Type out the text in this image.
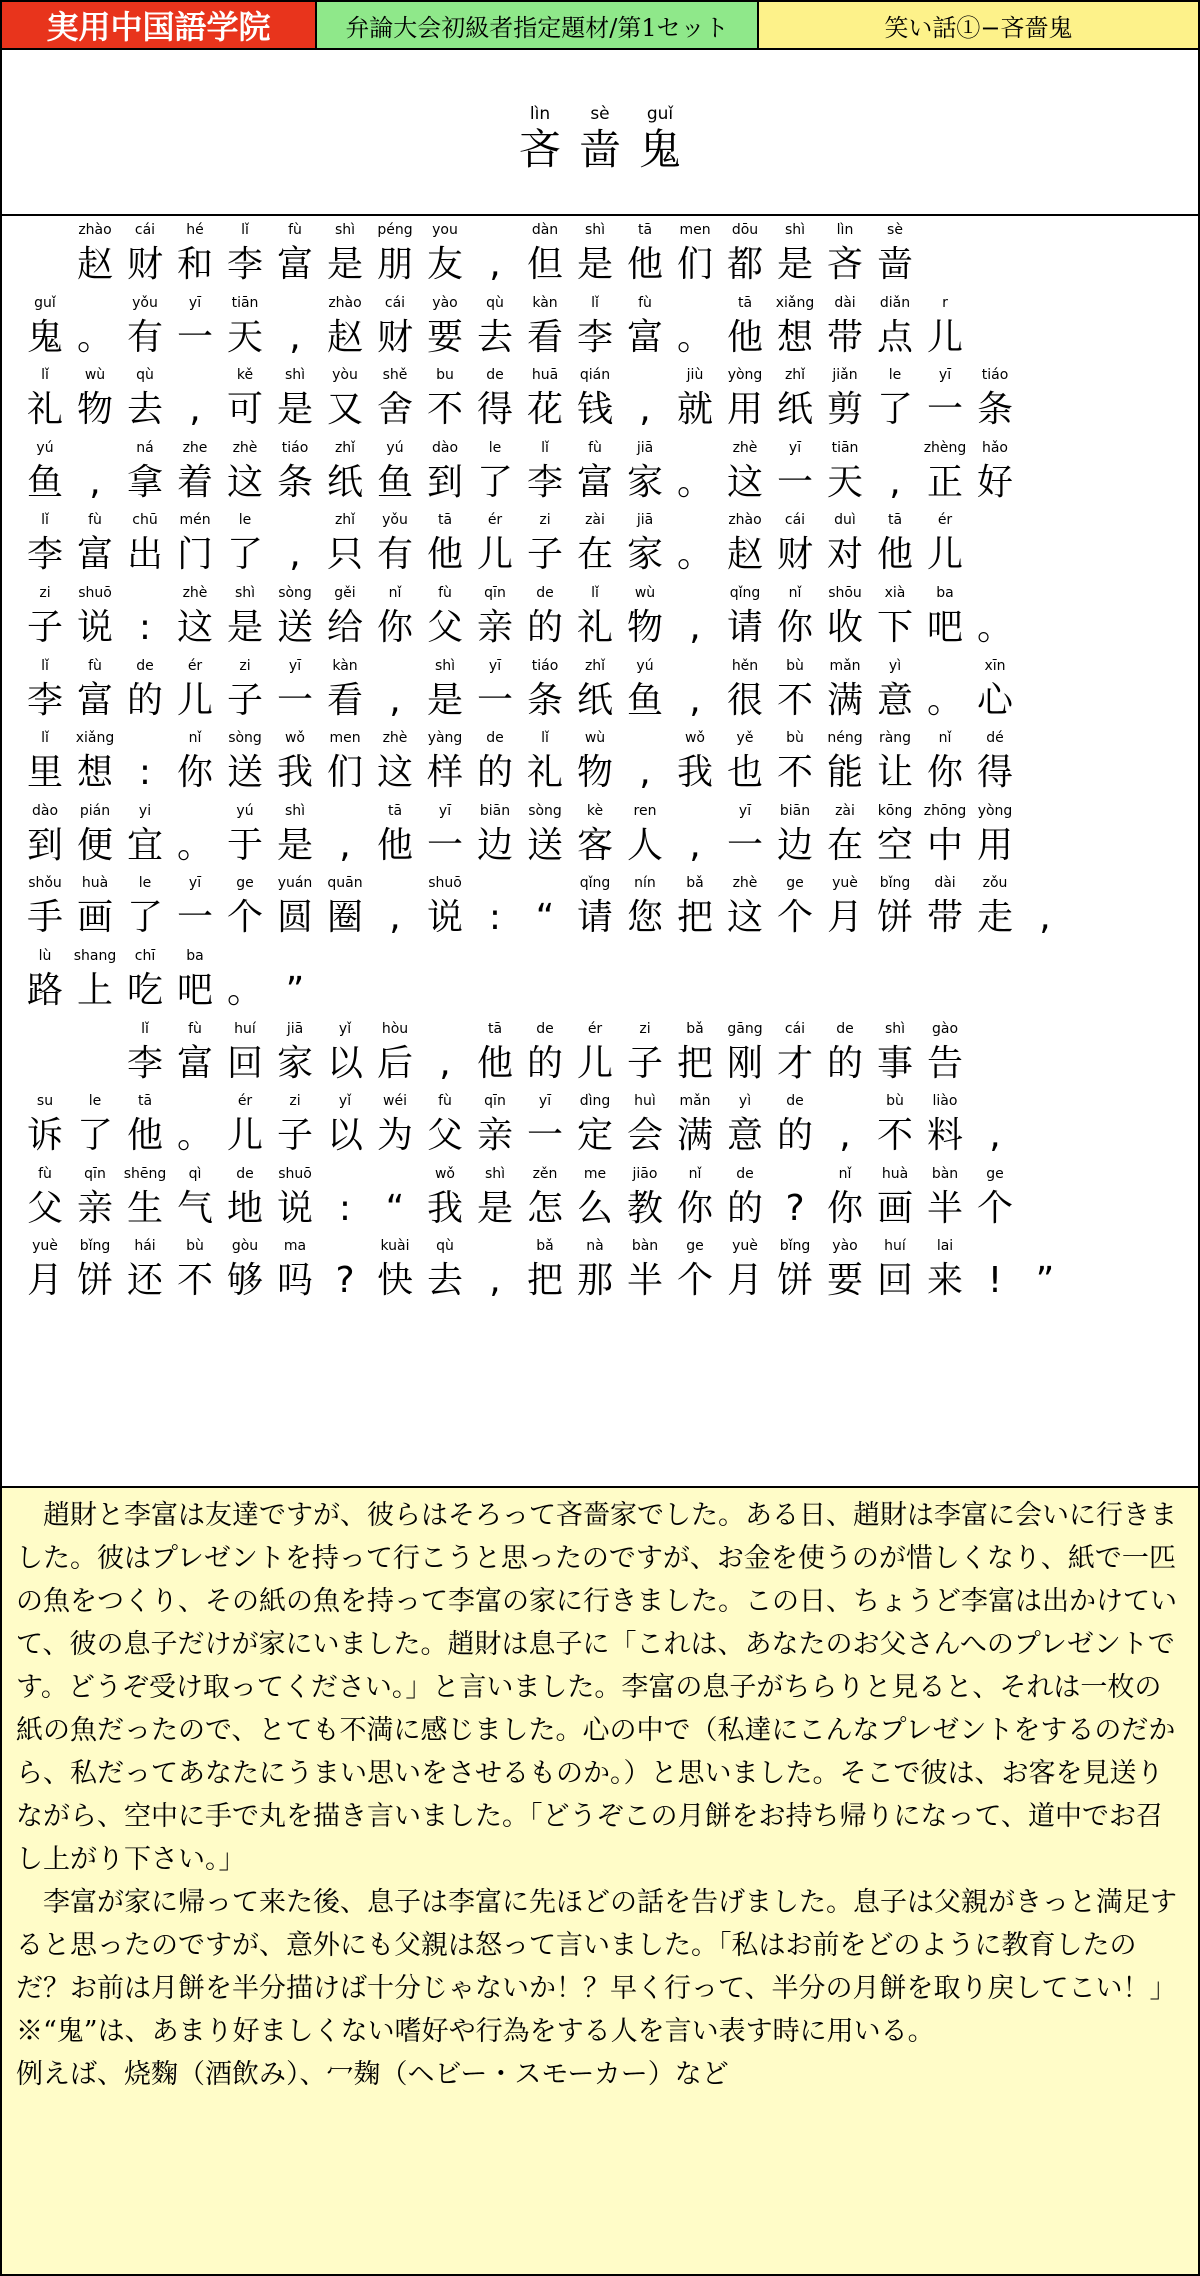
実用中国語学院	弁論大会初級者指定題材/第1セット	笑い話①−吝嗇鬼
lìn
吝
sè
啬
guǐ
鬼
zhào
赵
cái
财
hé
和
lǐ
李
fù
富
shì
是
péng
朋
you
友 ,
dàn
但
shì
是
tā
他
men
们
dōu
都
shì
是
lìn
吝
sè
啬
guǐ
鬼 。
yǒu
有
yī
一
tiān
天 ,
zhào
赵
cái
财
yào
要
qù
去
kàn
看
lǐ
李
fù
富 。
tā
他
xiǎng
想
dài
带
diǎn
点
r
儿
lǐ
礼
wù
物
qù
去 ,
kě
可
shì
是
yòu
又
shě
舍
bu
不
de
得
huā
花
qián
钱 ,
jiù
就
yòng
用
zhǐ
纸
jiǎn
剪
le
了
yī
一
tiáo
条
yú
鱼 ,
ná
拿
zhe
着
zhè
这
tiáo
条
zhǐ
纸
yú
鱼
dào
到
le
了
lǐ
李
fù
富
jiā
家 。
zhè
这
yī
一
tiān
天 ,
zhèng
正
hǎo
好
lǐ
李
fù
富
chū
出
mén
门
le
了 ,
zhǐ
只
yǒu
有
tā
他
ér
儿
zi
子
zài
在
jiā
家 。
zhào
赵
cái
财
duì
对
tā
他
ér
儿
zi
子
shuō
说 :
zhè
这
shì
是
sòng
送
gěi
给
nǐ
你
fù
父
qīn
亲
de
的
lǐ
礼
wù
物 ,
qǐng
请
nǐ
你
shōu
收
xià
下
ba
吧 。
lǐ
李
fù
富
de
的
ér
儿
zi
子
yī
一
kàn
看 ,
shì
是
yī
一
tiáo
条
zhǐ
纸
yú
鱼 ,
hěn
很
bù
不
mǎn
满
yì
意 。
xīn
心
lǐ
里
xiǎng
想 :
nǐ
你
sòng
送
wǒ
我
men
们
zhè
这
yàng
样
de
的
lǐ
礼
wù
物 ,
wǒ
我
yě
也
bù
不
néng
能
ràng
让
nǐ
你
dé
得
dào
到
pián
便
yi
宜 。
yú
于
shì
是 ,
tā
他
yī
一
biān
边
sòng
送
kè
客
ren
人 ,
yī
一
biān
边
zài
在
kōng
空
zhōng
中
yòng
用
shǒu
手
huà
画
le
了
yī
一
ge
个
yuán
圆
quān
圈 ,
shuō
说 : “
qǐng
请
nín
您
bǎ
把
zhè
这
ge
个
yuè
月
bǐng
饼
dài
带
zǒu
走 ,
lù
路
shang
上
chī
吃
ba
吧 。 ”
lǐ
李
fù
富
huí
回
jiā
家
yǐ
以
hòu
后 ,
tā
他
de
的
ér
儿
zi
子
bǎ
把
gāng
刚
cái
才
de
的
shì
事
gào
告
su
诉
le
了
tā
他 。
ér
儿
zi
子
yǐ
以
wéi
为
fù
父
qīn
亲
yī
一
dìng
定
huì
会
mǎn
满
yì
意
de
的 ,
bù
不
liào
料 ,
fù
父
qīn
亲
shēng
生
qì
气
de
地
shuō
说 : “
wǒ
我
shì
是
zěn
怎
me
么
jiāo
教
nǐ
你
de
的 ?
nǐ
你
huà
画
bàn
半
ge
个
yuè
月
bǐng
饼
hái
还
bù
不
gòu
够
ma
吗 ?
kuài
快
qù
去 ,
bǎ
把
nà
那
bàn
半
ge
个
yuè
月
bǐng
饼
yào
要
huí
回
lai
来 ! ”

　趙財と李富は友達ですが、彼らはそろって吝嗇家でした。ある日、趙財は李富に会いに行きました。彼はプレゼントを持って行こうと思ったのですが、お金を使うのが惜しくなり、紙で一匹の魚をつくり、その紙の魚を持って李富の家に行きました。この日、ちょうど李富は出かけていて、彼の息子だけが家にいました。趙財は息子に「これは、あなたのお父さんへのプレゼントです。どうぞ受け取ってください。」と言いました。李富の息子がちらりと見ると、それは一枚の紙の魚だったので、とても不満に感じました。心の中で（私達にこんなプレゼントをするのだから、私だってあなたにうまい思いをさせるものか。）と思いました。そこで彼は、お客を見送りながら、空中に手で丸を描き言いました。「どうぞこの月餅をお持ち帰りになって、道中でお召し上がり下さい。」

　李富が家に帰って来た後、息子は李富に先ほどの話を告げました。息子は父親がきっと満足すると思ったのですが、意外にも父親は怒って言いました。「私はお前をどのように教育したのだ？お前は月餅を半分描けば十分じゃないか！？早く行って、半分の月餅を取り戻してこい！」

※“鬼”は、あまり好ましくない嗜好や行為をする人を言い表す時に用いる。

例えば、烧麴（酒飲み）、冖麹（ヘビー・スモーカー）など
